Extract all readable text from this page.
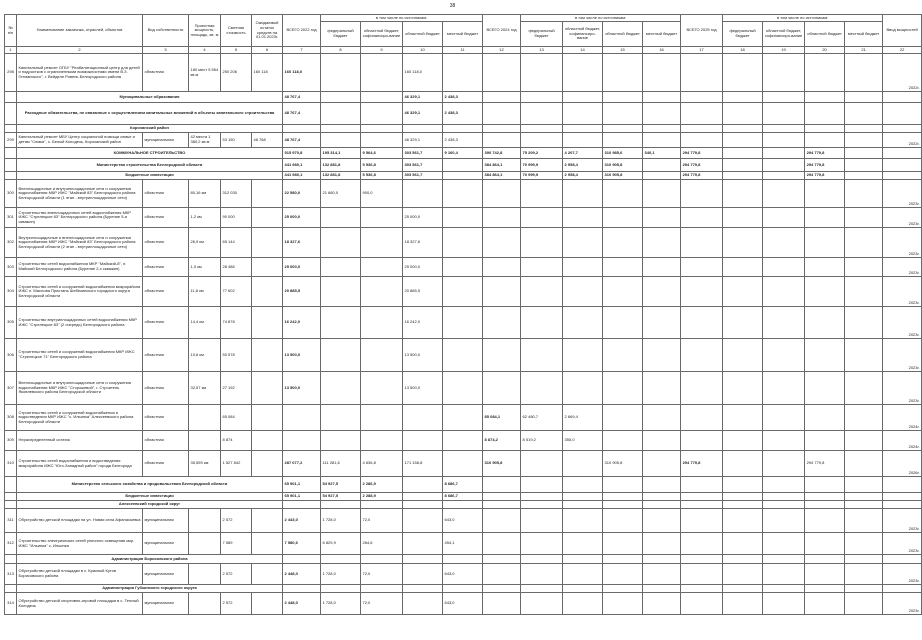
38
№ п/п	Наименование заказчика, отраслей, объектов	Вид собственности	Проектная мощность, площадь, кв. м	Сметная стоимость	Ожидаемый остаток средств на 01.01.2023г.	ВСЕГО 2022 год	в том числе по источникам:				ВСЕГО 2024 год	в том числе по источникам:				ВСЕГО 2025 год	в том числе по источникам:				Ввод мощностей
							федеральный бюджет	областной бюджет, софинансиро-вание	областной бюджет	местный бюджет		федеральный бюджет	областной бюджет, софинансиро-вание	областной бюджет	местный бюджет		федеральный бюджет	областной бюджет, софинансиро-вание	областной бюджет	местный бюджет	
1	2	3	4	5	6	7	8	9	10	11	12	13	14	15	16	17	18	19	20	21	22
298	Капитальный ремонт ОГБУ "Реабилитационный центр для детей и подростков с ограниченными возможностями имени В.З. Гетманского", г. Вейделе Ровень Белгородского района	областная	180 мест 5 564 кв.м	250 206	160 118	160 118,0			160 118,0												2022г.
	Муниципальные образования					48 767,4			46 329,1	2 438,3											
	Расходные обязательства, не связанные с осуществлением капитальных вложений в объекты капитального строительства					48 767,4			46 329,1	2 438,3											
	Корочанский район																				
299	Капитальный ремонт МБУ Центр социальной помощи семье и детям "Семья", с. Белый Колодезь, Корочанский район	муниципальная	42 места 1 380,2 кв.м	53 150	48 768	48 767,4			46 329,1	2 438,3											2022г.
	КОММУНАЛЬНОЕ СТРОИТЕЛЬСТВО					515 970,8	195 314,1	9 564,6	303 561,7	9 160,4	390 742,8	75 209,2	4 207,7	310 985,6	340,1	294 779,8			294 779,8		
	Министерство строительства Белгородской области					441 980,1	132 881,8	5 536,8	303 561,7		384 864,1	70 999,9	2 958,4	310 905,8		294 779,8			294 779,8		
	Бюджетные инвестиции					441 980,1	132 881,8	5 536,8	303 561,7		384 864,1	70 999,9	2 958,4	310 905,8		294 779,8			294 779,8		
300	Внеплощадочные и внутриплощадочные сети и сооружения водоснабжения МКР ИЖС "Майский 83" Белгородского района Белгородской области (1 этап - внутриплощадочные сети)	областная	80,16 км	312 030		22 580,0	21 680,0	900,0													2023г.
301	Строительство внеплощадочных сетей водоснабжения МКР ИЖС "Стрелецкое 83" Белгородского района (Бурение 5-и скважин)	областная	1,2 км	90 000		25 000,0			25 000,0												2023г.
302	Внутриплощадочные и внеплощадочные сети и сооружения водоснабжения МКР ИЖС "Майский 83" Белгородского района Белгородской области (2 этап - внутриплощадочные сети)	областная	26,9 км	65 144		18 327,6			18 327,6												2023г.
303	Строительство сетей водоснабжения МКР "Майский-8", п. Майский Белгородского района (Бурение 2-х скважин)	областная	1,0 км	28 486		25 000,0			25 000,0												2023г.
304	Строительство сетей и сооружений водоснабжения микрорайона ИЖС п. Маслова Пристань Шебекинского городского округа Белгородской области	областная	11,8 км	77 602		20 885,5			20 885,5												2023г.
305	Строительство внутриплощадочных сетей водоснабжения МКР ИЖС "Стрелецкое 83" (2 очередь) Белгородского района	областная	14,4 км	74 878		16 242,0			16 242,0												2023г.
306	Строительство сетей и сооружений водоснабжения МКР ИЖС "Стрелецкое 71" Белгородского района	областная	10,6 км	50 578		13 500,0			13 500,0												2023г.
307	Внеплощадочные и внутриплощадочные сети и сооружения водоснабжения МКР ИЖС "Сторожевой", г. Строитель Яковлевского района Белгородской области	областная	32,57 км	27 192		13 500,0			13 500,0												2023г.
308	Строительство сетей и сооружений водоснабжения и водоотведения МКР ИЖС "с. Ильинка" Алексеевского района Белгородской области	областная		65 084							85 084,1	62 480,7	2 669,4								2024г.
309	Нераспределенный остаток	областная		8 874							8 874,2	8 519,2	355,0								2024г.
310	Строительство сетей водоснабжения и водоотведения микрорайона ИЖС "Юго-Западный район" города Белгорода	областная	35,559 км	1 527 842		287 077,2	111 281,6	4 636,8	171 158,8		310 905,8			310 905,8		294 779,8			294 779,8		2026г.
	Министерство сельского хозяйства и продовольствия Белгородской области					65 901,1	54 927,5	2 286,9		8 686,7											
	Бюджетные инвестиции					65 901,1	54 927,5	2 288,9		8 686,7											
	Алексеевский городской округ																				
311	Обустройство детской площадки на ул. Новая села Афанасьевка	муниципальная		2 572		2 443,0	1 728,0	72,0		643,0											2023г.
312	Строительство электрических сетей уличного освещения мкр. ИЖС "Ильинка" с. Ильинка	муниципальная		7 589		7 580,6	6 829,9	284,6		454,1											2023г.
	Администрация Борисовского района																				
313	Обустройство детской площадки в с. Красный Кутов Борисовского района	муниципальная		2 572		2 448,0	1 728,0	72,0		643,0											2023г.
	Администрация Губкинского городского округа																				
314	Обустройство детской спортивно-игровой площадки в с. Теплый Колодезь	муниципальная		2 572		2 448,0	1 728,0	72,0		643,0											2023г.
